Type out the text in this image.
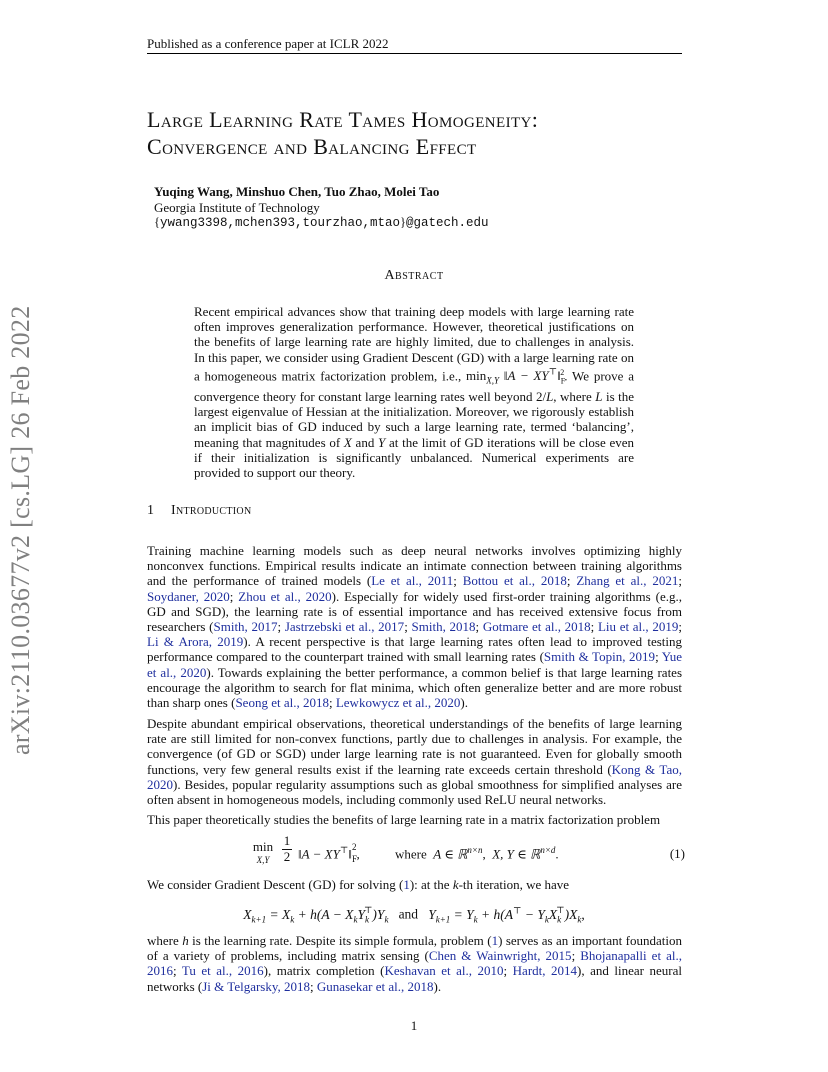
Published as a conference paper at ICLR 2022
arXiv:2110.03677v2 [cs.LG] 26 Feb 2022
Large Learning Rate Tames Homogeneity:
Convergence and Balancing Effect
Yuqing Wang, Minshuo Chen, Tuo Zhao, Molei Tao
Georgia Institute of Technology
{ywang3398,mchen393,tourzhao,mtao}@gatech.edu
Abstract
Recent empirical advances show that training deep models with large learning rate often improves generalization performance. However, theoretical justifications on the benefits of large learning rate are highly limited, due to challenges in analysis. In this paper, we consider using Gradient Descent (GD) with a large learning rate on a homogeneous matrix factorization problem, i.e., $\min_{X,Y}$ ‖A − $XY^⊤‖_F^2$. We prove a convergence theory for constant large learning rates well beyond 2/L, where L is the largest eigenvalue of Hessian at the initialization. Moreover, we rigorously establish an implicit bias of GD induced by such a large learning rate, termed ‘balancing’, meaning that magnitudes of X and Y at the limit of GD iterations will be close even if their initialization is significantly unbalanced. Numerical experiments are provided to support our theory.
1 Introduction
Training machine learning models such as deep neural networks involves optimizing highly nonconvex functions. Empirical results indicate an intimate connection between training algorithms and the performance of trained models (Le et al., 2011; Bottou et al., 2018; Zhang et al., 2021; Soydaner, 2020; Zhou et al., 2020). Especially for widely used first-order training algorithms (e.g., GD and SGD), the learning rate is of essential importance and has received extensive focus from researchers (Smith, 2017; Jastrzebski et al., 2017; Smith, 2018; Gotmare et al., 2018; Liu et al., 2019; Li & Arora, 2019). A recent perspective is that large learning rates often lead to improved testing performance compared to the counterpart trained with small learning rates (Smith & Topin, 2019; Yue et al., 2020). Towards explaining the better performance, a common belief is that large learning rates encourage the algorithm to search for flat minima, which often generalize better and are more robust than sharp ones (Seong et al., 2018; Lewkowycz et al., 2020).
Despite abundant empirical observations, theoretical understandings of the benefits of large learning rate are still limited for non-convex functions, partly due to challenges in analysis. For example, the convergence (of GD or SGD) under large learning rate is not guaranteed. Even for globally smooth functions, very few general results exist if the learning rate exceeds certain threshold (Kong & Tao, 2020). Besides, popular regularity assumptions such as global smoothness for simplified analyses are often absent in homogeneous models, including commonly used ReLU neural networks.
This paper theoretically studies the benefits of large learning rate in a matrix factorization problem
min
$^{X,Y}$
1

2 ‖A − $XY^⊤‖_F^2$,	where A ∈ ℝ$^{n\times n}$,  X, Y ∈ ℝ$^{n\times d}$.	(1)
We consider Gradient Descent (GD) for solving (1): at the k-th iteration, we have
$X_{k+1} = X_k + h(A - X_kY_k^⊤)Y_k$ and $Y_{k+1} = Y_k + h(A^⊤ - Y_kX_k^⊤)X_k$,
where h is the learning rate. Despite its simple formula, problem (1) serves as an important foundation of a variety of problems, including matrix sensing (Chen & Wainwright, 2015; Bhojanapalli et al., 2016; Tu et al., 2016), matrix completion (Keshavan et al., 2010; Hardt, 2014), and linear neural networks (Ji & Telgarsky, 2018; Gunasekar et al., 2018).
1
